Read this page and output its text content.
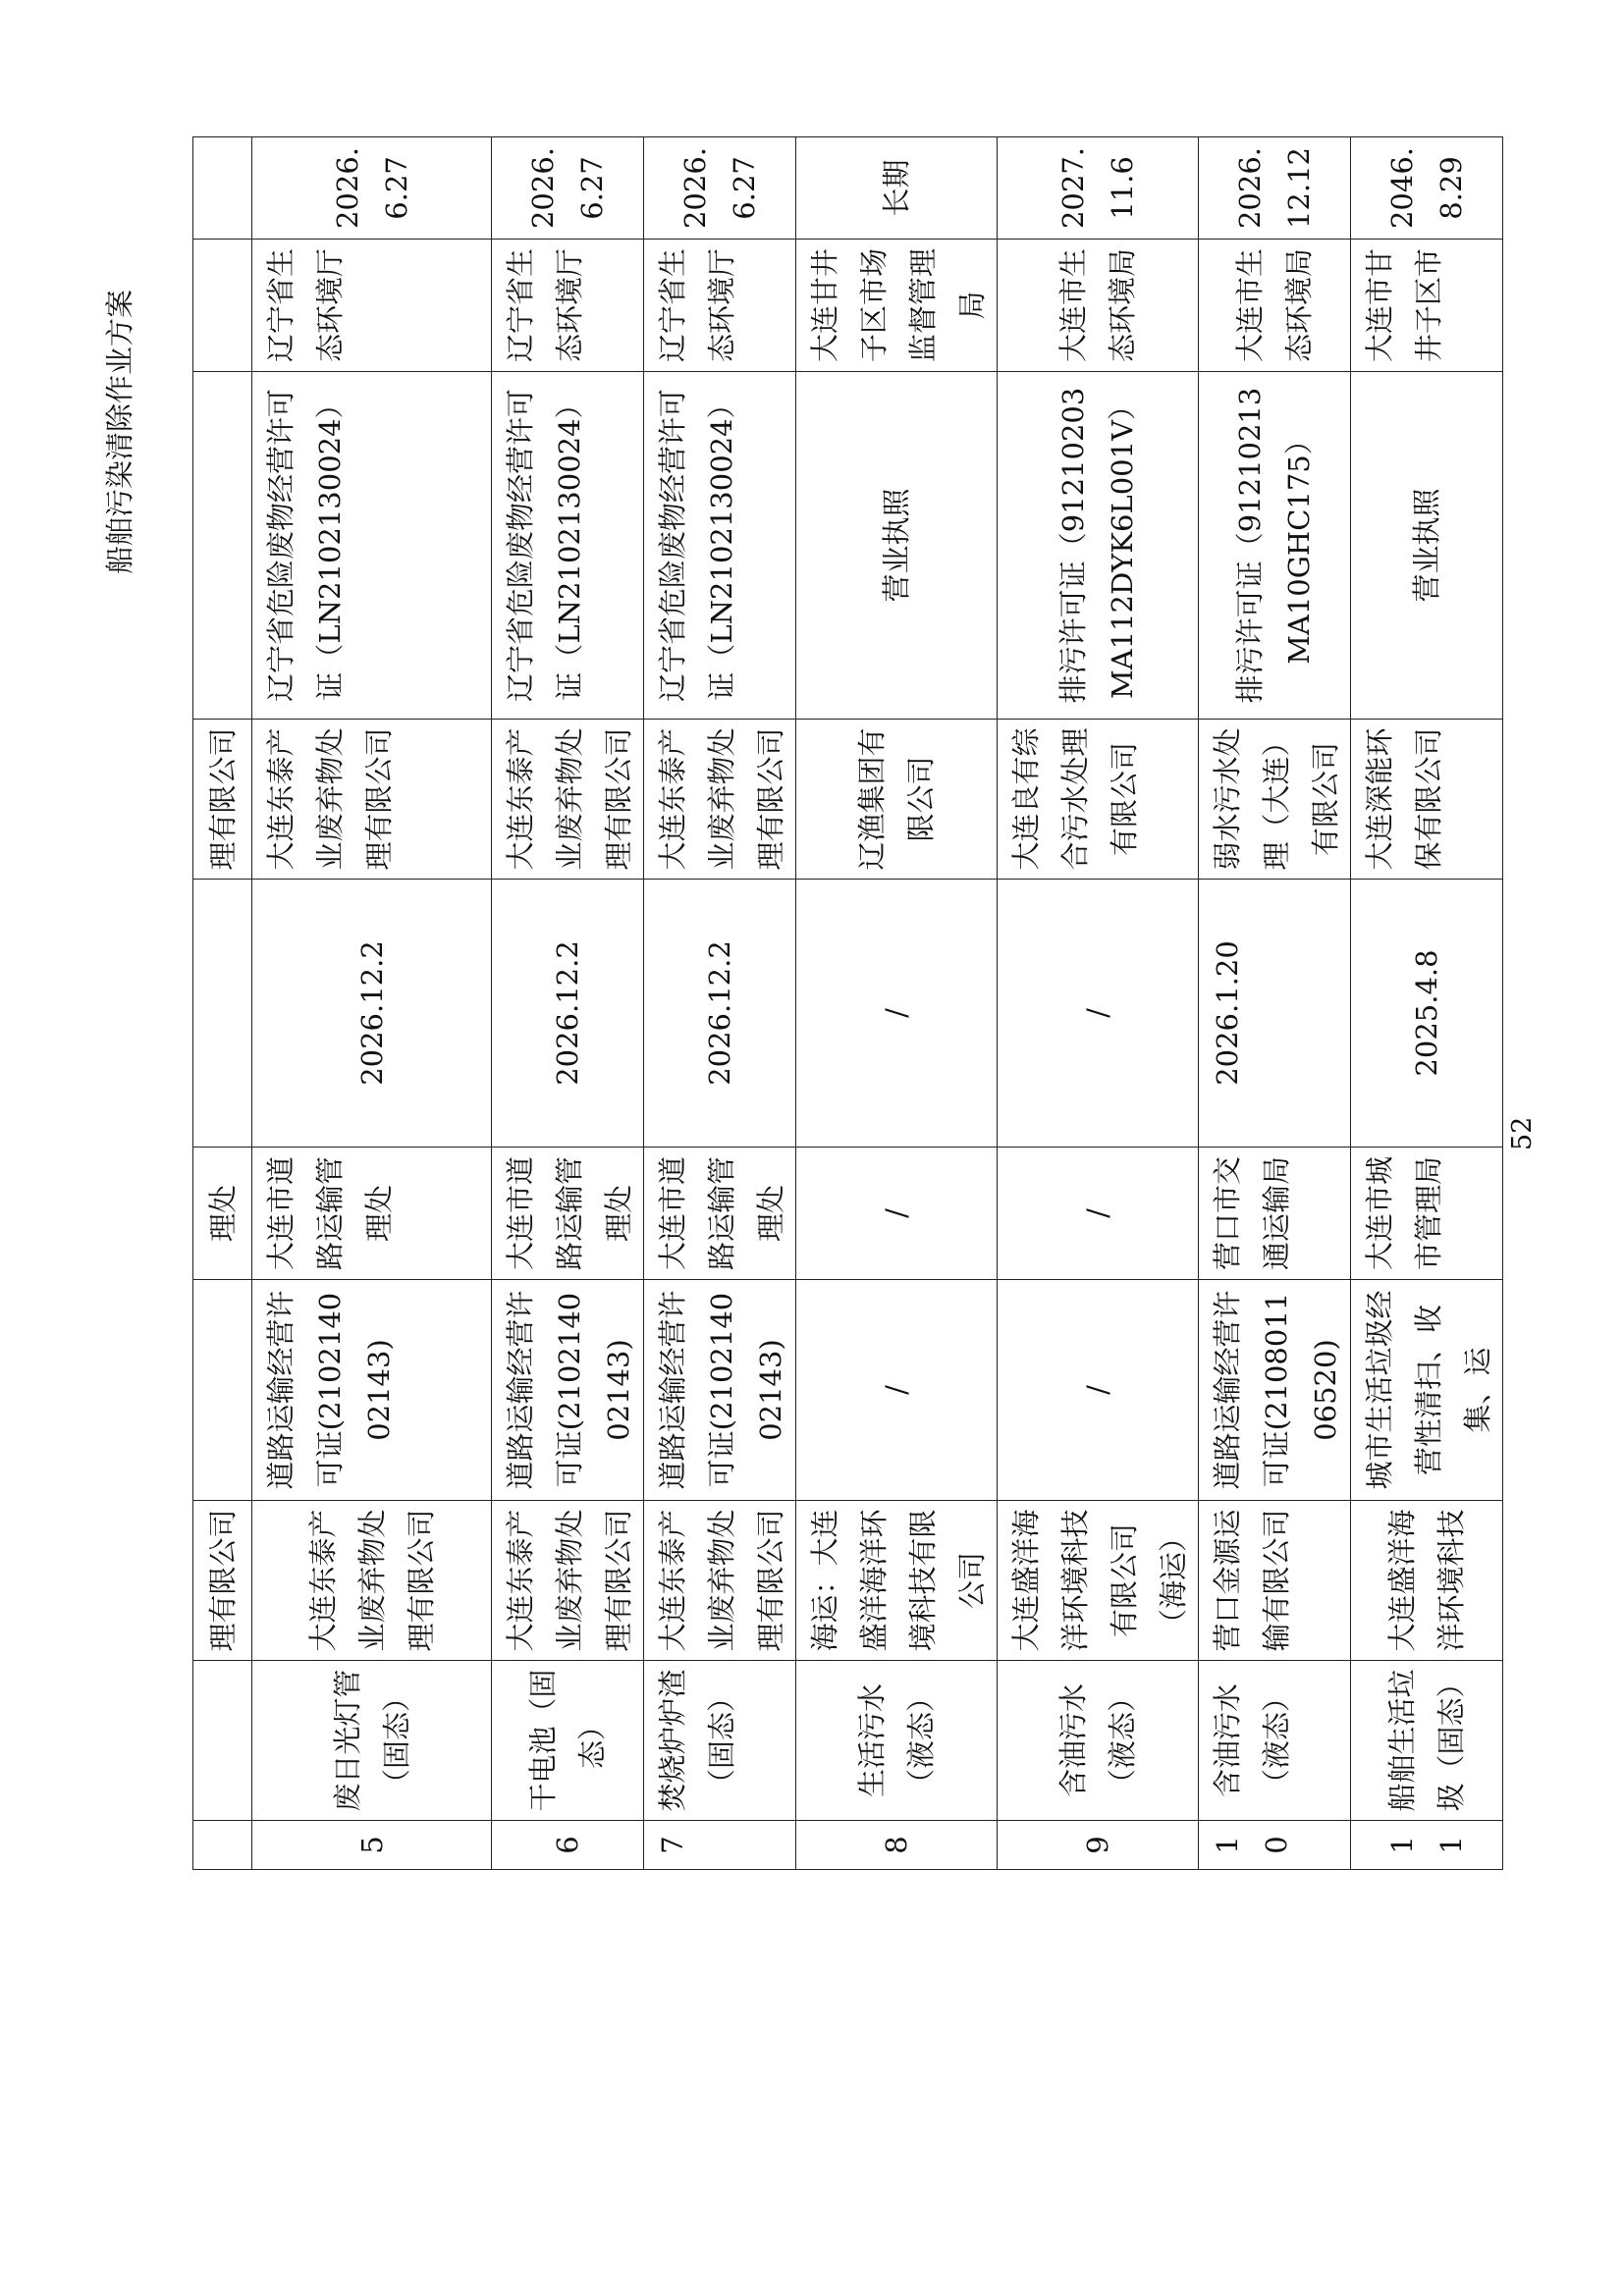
船舶污染清除作业方案
		理有限公司		理处		理有限公司			
5	废日光灯管（固态）	大连东泰产业废弃物处理有限公司	道路运输经营许可证(210214002143)	大连市道路运输管理处	2026.12.2	大连东泰产业废弃物处理有限公司	辽宁省危险废物经营许可证（LN2102130024）	辽宁省生态环境厅	2026.6.27
6	干电池（固态）	大连东泰产业废弃物处理有限公司	道路运输经营许可证(210214002143)	大连市道路运输管理处	2026.12.2	大连东泰产业废弃物处理有限公司	辽宁省危险废物经营许可证（LN2102130024）	辽宁省生态环境厅	2026.6.27
7	焚烧炉炉渣（固态）	大连东泰产业废弃物处理有限公司	道路运输经营许可证(210214002143)	大连市道路运输管理处	2026.12.2	大连东泰产业废弃物处理有限公司	辽宁省危险废物经营许可证（LN2102130024）	辽宁省生态环境厅	2026.6.27
8	生活污水（液态）	海运：大连盛洋海洋环境科技有限公司	/	/	/	辽渔集团有限公司	营业执照	大连甘井子区市场监督管理局	长期
9	含油污水（液态）	大连盛洋海洋环境科技有限公司（海运）	/	/	/	大连良有综合污水处理有限公司	排污许可证（91210203MA112DYK6L001V）	大连市生态环境局	2027.11.6
10	含油污水（液态）	营口金源运输有限公司	道路运输经营许可证(210801106520)	营口市交通运输局	2026.1.20	弱水污水处理（大连）有限公司	排污许可证（91210213MA10GHC175）	大连市生态环境局	2026.12.12
11	船舶生活垃圾（固态）	大连盛洋海洋环境科技	城市生活垃圾经营性清扫、收集、运	大连市城市管理局	2025.4.8	大连深能环保有限公司	营业执照	大连市甘井子区市	2046.8.29
52
